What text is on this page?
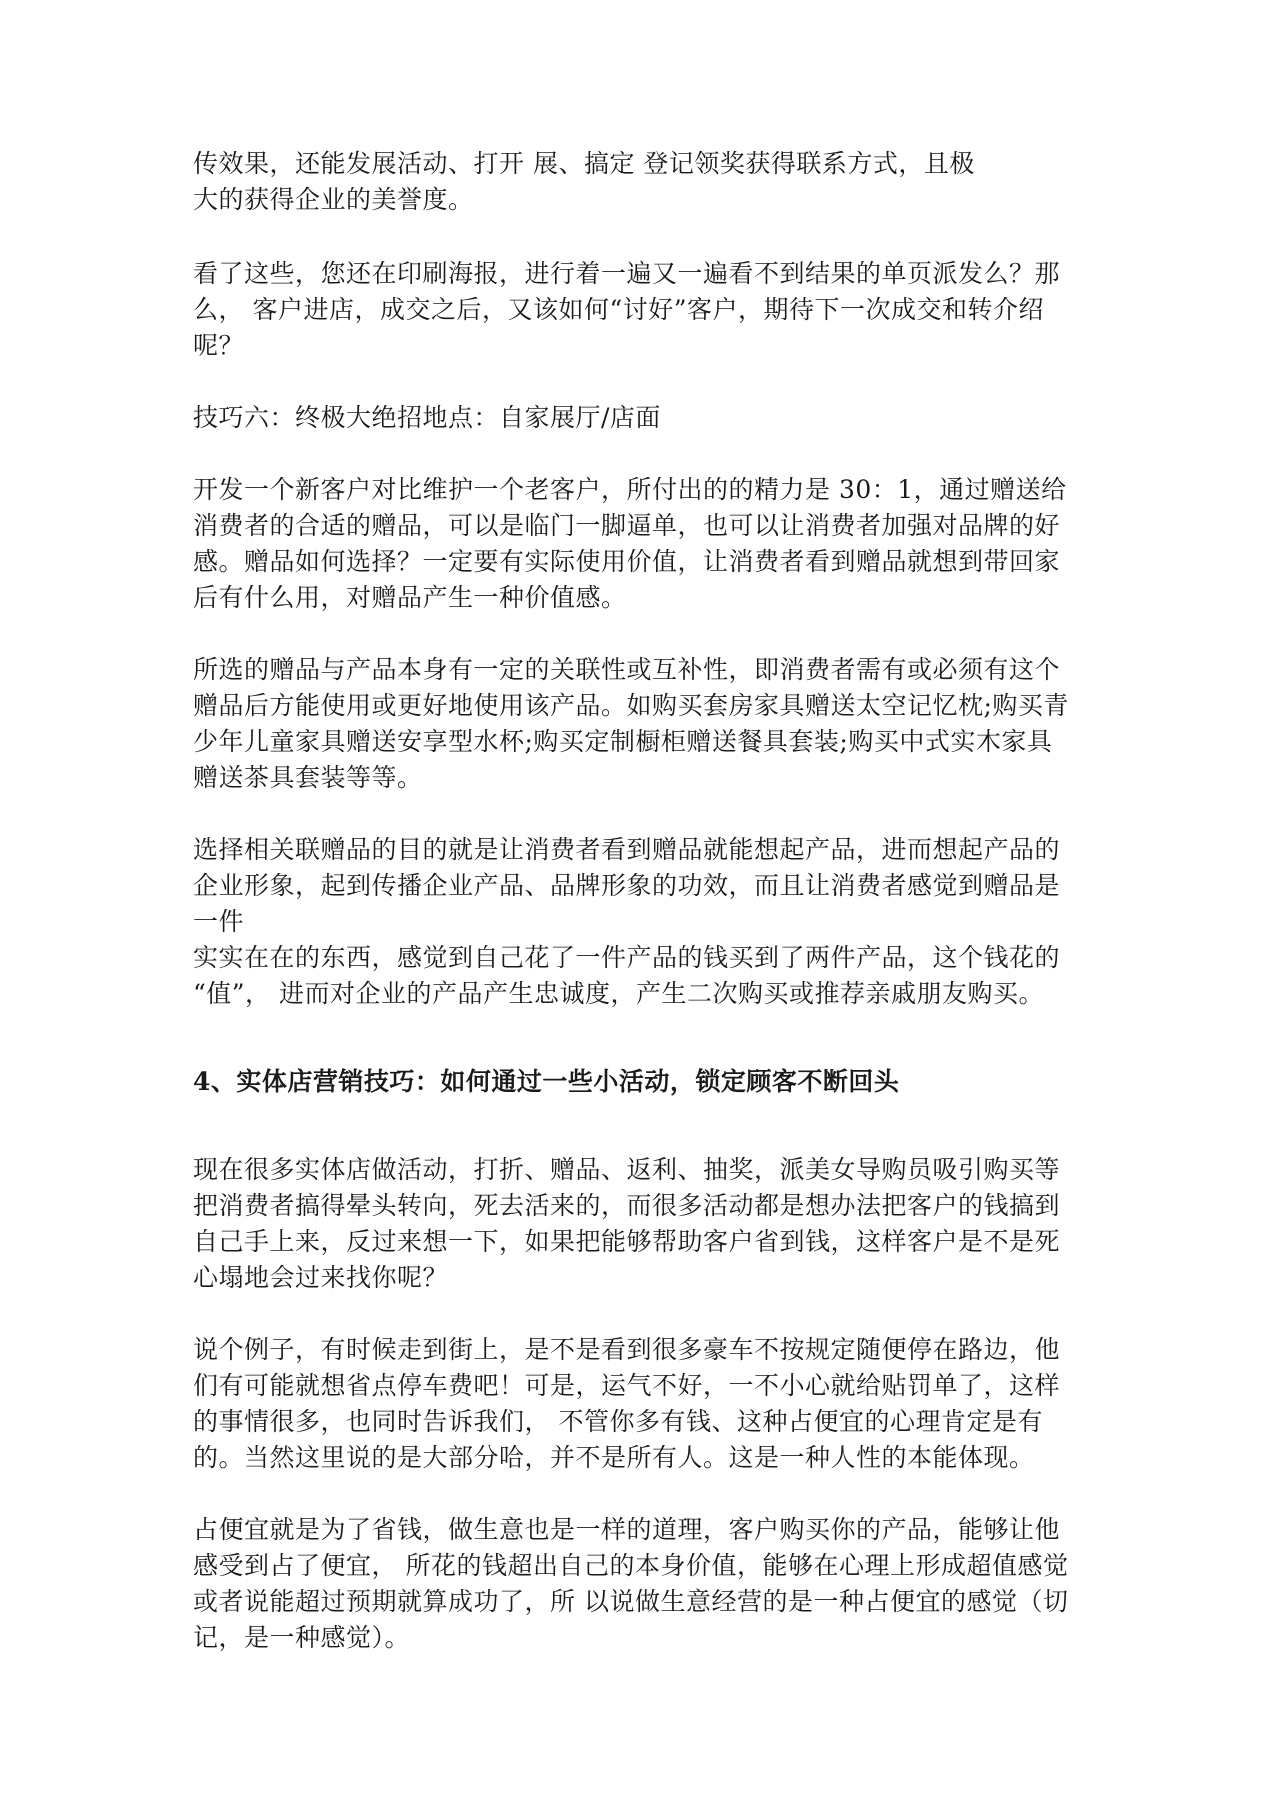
传效果，还能发展活动、打开 展、搞定 登记领奖获得联系方式，且极
大的获得企业的美誉度。

看了这些，您还在印刷海报，进行着一遍又一遍看不到结果的单页派发么？那
么， 客户进店，成交之后，又该如何“讨好”客户，期待下一次成交和转介绍
呢？

技巧六：终极大绝招地点：自家展厅/店面

开发一个新客户对比维护一个老客户，所付出的的精力是 30：1，通过赠送给
消费者的合适的赠品，可以是临门一脚逼单，也可以让消费者加强对品牌的好
感。赠品如何选择？一定要有实际使用价值，让消费者看到赠品就想到带回家
后有什么用，对赠品产生一种价值感。

所选的赠品与产品本身有一定的关联性或互补性，即消费者需有或必须有这个
赠品后方能使用或更好地使用该产品。如购买套房家具赠送太空记忆枕;购买青
少年儿童家具赠送安享型水杯;购买定制橱柜赠送餐具套装;购买中式实木家具
赠送茶具套装等等。

选择相关联赠品的目的就是让消费者看到赠品就能想起产品，进而想起产品的
企业形象，起到传播企业产品、品牌形象的功效，而且让消费者感觉到赠品是
一件
实实在在的东西，感觉到自己花了一件产品的钱买到了两件产品，这个钱花的
“值”， 进而对企业的产品产生忠诚度，产生二次购买或推荐亲戚朋友购买。

4、实体店营销技巧：如何通过一些小活动，锁定顾客不断回头

现在很多实体店做活动，打折、赠品、返利、抽奖，派美女导购员吸引购买等
把消费者搞得晕头转向，死去活来的，而很多活动都是想办法把客户的钱搞到
自己手上来，反过来想一下，如果把能够帮助客户省到钱，这样客户是不是死
心塌地会过来找你呢？

说个例子，有时候走到街上，是不是看到很多豪车不按规定随便停在路边，他
们有可能就想省点停车费吧！可是，运气不好，一不小心就给贴罚单了，这样
的事情很多，也同时告诉我们， 不管你多有钱、这种占便宜的心理肯定是有
的。当然这里说的是大部分哈，并不是所有人。这是一种人性的本能体现。

占便宜就是为了省钱，做生意也是一样的道理，客户购买你的产品，能够让他
感受到占了便宜， 所花的钱超出自己的本身价值，能够在心理上形成超值感觉
或者说能超过预期就算成功了，所 以说做生意经营的是一种占便宜的感觉（切
记，是一种感觉）。
